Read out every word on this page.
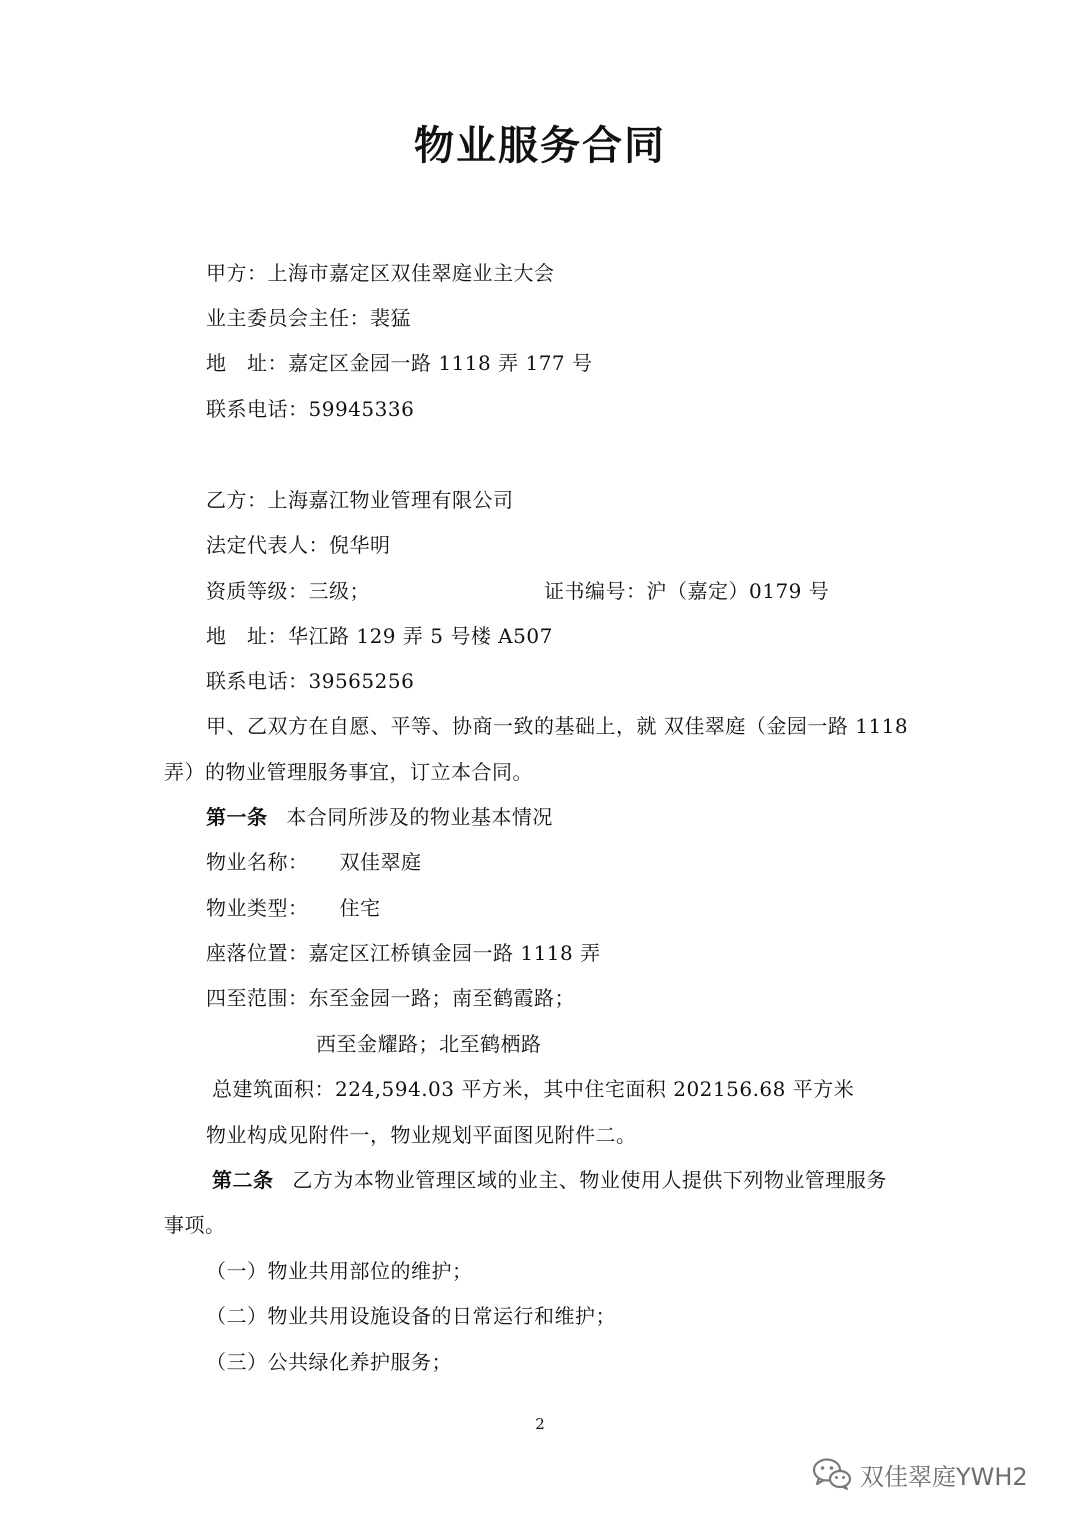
物业服务合同
甲方：上海市嘉定区双佳翠庭业主大会
业主委员会主任：裴猛
地　址：嘉定区金园一路 1118 弄 177 号
联系电话：59945336
乙方：上海嘉江物业管理有限公司
法定代表人：倪华明
资质等级：三级；	证书编号：沪（嘉定）0179 号
地　址：华江路 129 弄 5 号楼 A507
联系电话：39565256
甲、乙双方在自愿、平等、协商一致的基础上，就 双佳翠庭（金园一路 1118
弄）的物业管理服务事宜，订立本合同。
第一条 本合同所涉及的物业基本情况
物业名称：　　双佳翠庭
物业类型：　　住宅
座落位置：嘉定区江桥镇金园一路 1118 弄
四至范围：东至金园一路；南至鹤霞路；
西至金耀路；北至鹤栖路
总建筑面积：224,594.03 平方米，其中住宅面积 202156.68 平方米
物业构成见附件一，物业规划平面图见附件二。
第二条 乙方为本物业管理区域的业主、物业使用人提供下列物业管理服务
事项。
（一）物业共用部位的维护；
（二）物业共用设施设备的日常运行和维护；
（三）公共绿化养护服务；
2
双佳翠庭YWH2
